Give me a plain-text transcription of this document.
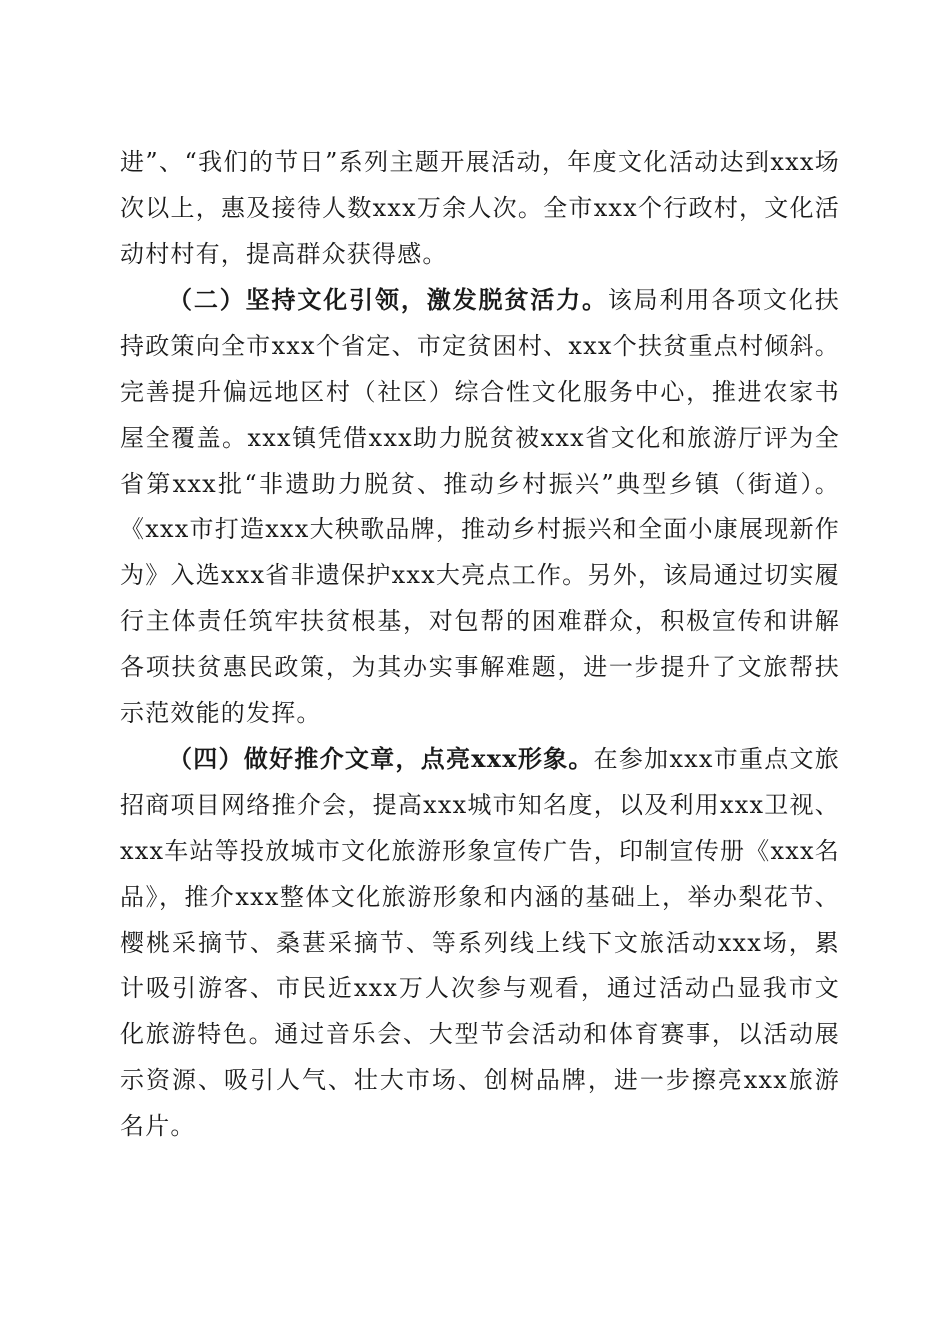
进”、“我们的节日”系列主题开展活动，年度文化活动达到xxx场次以上，惠及接待人数xxx万余人次。全市xxx个行政村，文化活动村村有，提高群众获得感。

（二）坚持文化引领，激发脱贫活力。该局利用各项文化扶持政策向全市xxx个省定、市定贫困村、xxx个扶贫重点村倾斜。完善提升偏远地区村（社区）综合性文化服务中心，推进农家书屋全覆盖。xxx镇凭借xxx助力脱贫被xxx省文化和旅游厅评为全省第xxx批“非遗助力脱贫、推动乡村振兴”典型乡镇（街道）。《xxx市打造xxx大秧歌品牌，推动乡村振兴和全面小康展现新作为》入选xxx省非遗保护xxx大亮点工作。另外，该局通过切实履行主体责任筑牢扶贫根基，对包帮的困难群众，积极宣传和讲解各项扶贫惠民政策，为其办实事解难题，进一步提升了文旅帮扶示范效能的发挥。

（四）做好推介文章，点亮xxx形象。在参加xxx市重点文旅招商项目网络推介会，提高xxx城市知名度，以及利用xxx卫视、xxx车站等投放城市文化旅游形象宣传广告，印制宣传册《xxx名品》，推介xxx整体文化旅游形象和内涵的基础上，举办梨花节、樱桃采摘节、桑葚采摘节、等系列线上线下文旅活动xxx场，累计吸引游客、市民近xxx万人次参与观看，通过活动凸显我市文化旅游特色。通过音乐会、大型节会活动和体育赛事，以活动展示资源、吸引人气、壮大市场、创树品牌，进一步擦亮xxx旅游名片。
